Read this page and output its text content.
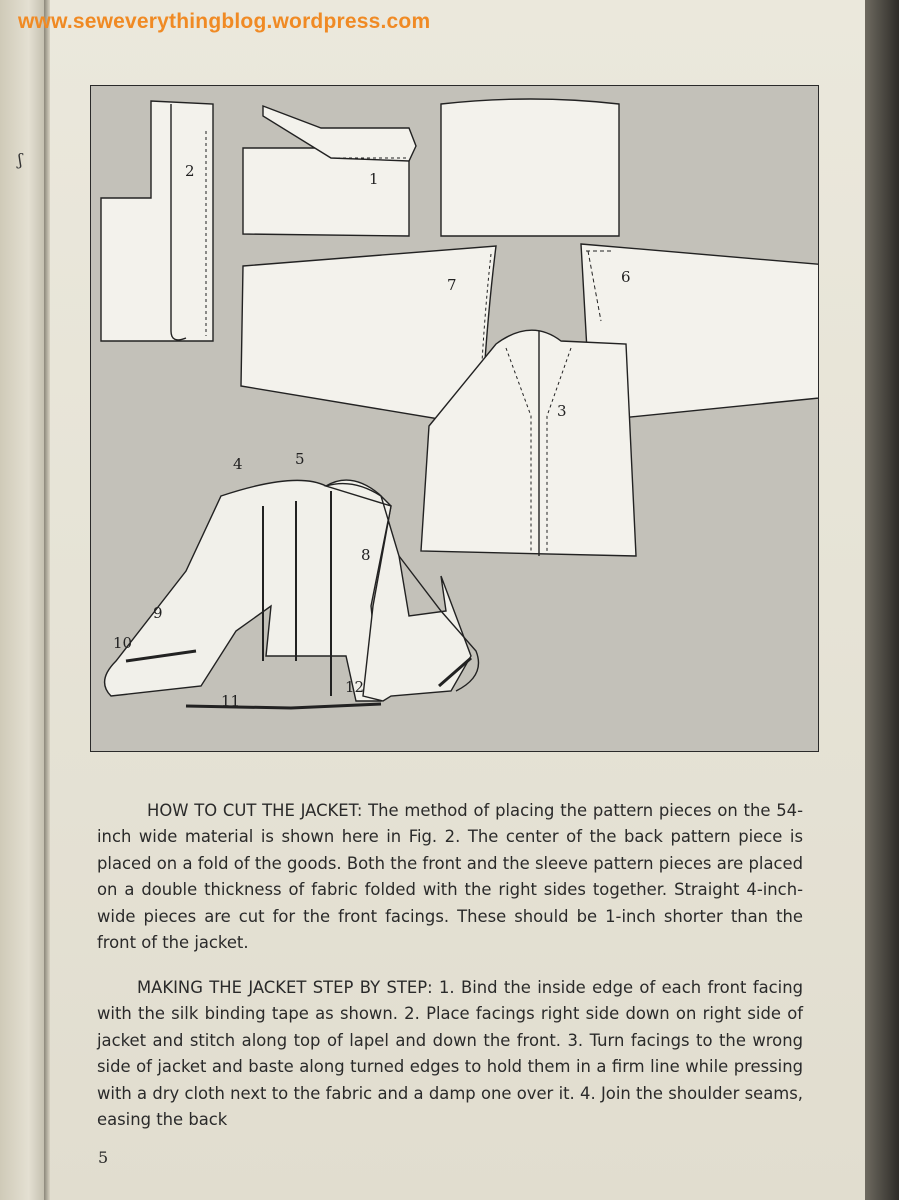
ʃ
www.seweverythingblog.wordpress.com
1
2
3
4	5
6
7
8
9
10
11
12
HOW TO CUT THE JACKET: The method of placing the pattern pieces on the 54-inch wide material is shown here in Fig. 2. The center of the back pattern piece is placed on a fold of the goods. Both the front and the sleeve pattern pieces are placed on a double thickness of fabric folded with the right sides together. Straight 4-inch-wide pieces are cut for the front facings. These should be 1-inch shorter than the front of the jacket.
MAKING THE JACKET STEP BY STEP: 1. Bind the inside edge of each front facing with the silk binding tape as shown. 2. Place facings right side down on right side of jacket and stitch along top of lapel and down the front. 3. Turn facings to the wrong side of jacket and baste along turned edges to hold them in a firm line while pressing with a dry cloth next to the fabric and a damp one over it. 4. Join the shoulder seams, easing the back
5
